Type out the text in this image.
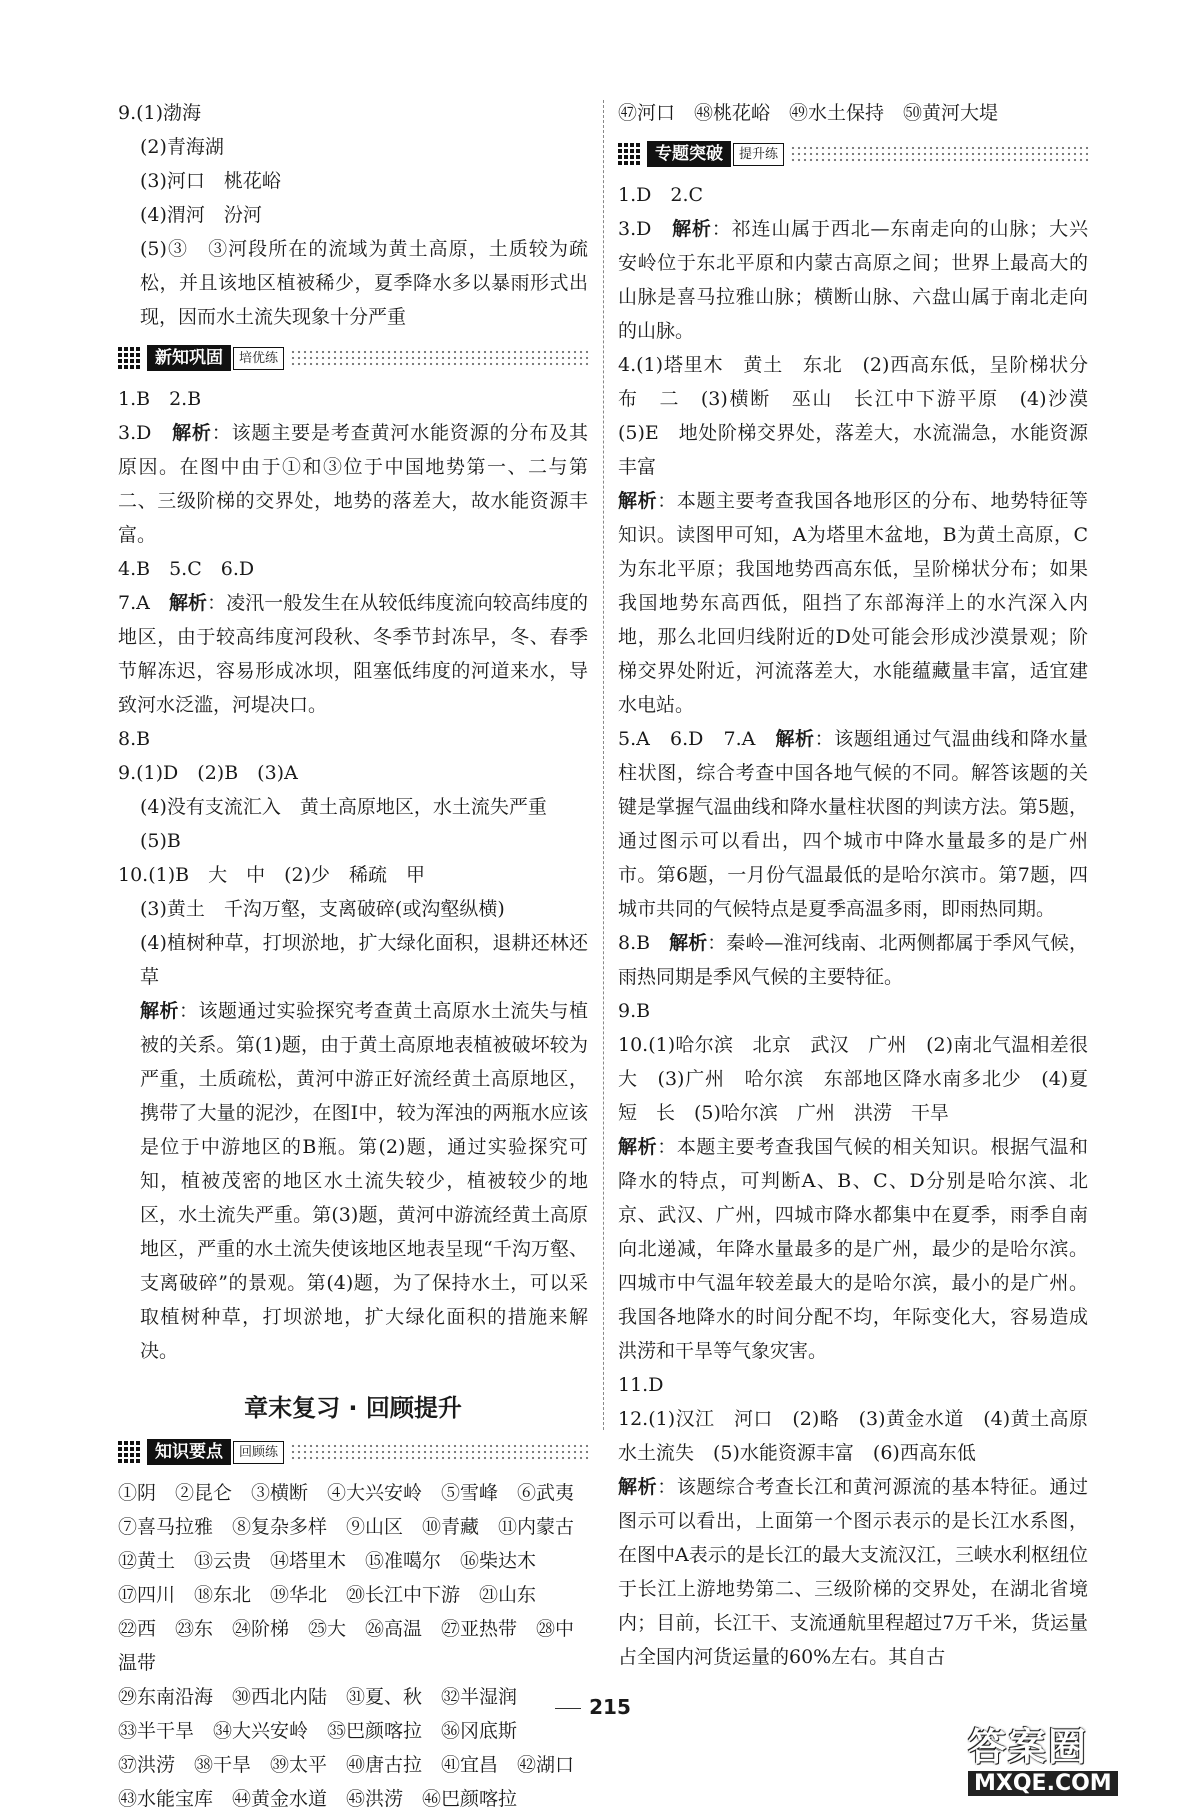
9.(1)渤海

(2)青海湖

(3)河口　桃花峪

(4)渭河　汾河

(5)③　③河段所在的流域为黄土高原，土质较为疏松，并且该地区植被稀少，夏季降水多以暴雨形式出现，因而水土流失现象十分严重

新知巩固	培优练

1.B　2.B

3.D　 解析：该题主要是考查黄河水能资源的分布及其原因。在图中由于①和③位于中国地势第一、二与第二、三级阶梯的交界处，地势的落差大，故水能资源丰富。

4.B　5.C　6.D

7.A　 解析：凌汛一般发生在从较低纬度流向较高纬度的地区，由于较高纬度河段秋、冬季节封冻早，冬、春季节解冻迟，容易形成冰坝，阻塞低纬度的河道来水，导致河水泛滥，河堤决口。

8.B

9.(1)D　(2)B　(3)A

(4)没有支流汇入　黄土高原地区，水土流失严重

(5)B

10.(1)B　大　中　(2)少　稀疏　甲

(3)黄土　千沟万壑，支离破碎(或沟壑纵横)

(4)植树种草，打坝淤地，扩大绿化面积，退耕还林还草

解析：该题通过实验探究考查黄土高原水土流失与植被的关系。第(1)题，由于黄土高原地表植被破坏较为严重，土质疏松，黄河中游正好流经黄土高原地区，携带了大量的泥沙，在图Ⅰ中，较为浑浊的两瓶水应该是位于中游地区的B瓶。第(2)题，通过实验探究可知，植被茂密的地区水土流失较少，植被较少的地区，水土流失严重。第(3)题，黄河中游流经黄土高原地区，严重的水土流失使该地区地表呈现“千沟万壑、支离破碎”的景观。第(4)题，为了保持水土，可以采取植树种草，打坝淤地，扩大绿化面积的措施来解决。

章末复习 · 回顾提升
知识要点	回顾练
①阴　②昆仑　③横断　④大兴安岭　⑤雪峰　⑥武夷
⑦喜马拉雅　⑧复杂多样　⑨山区　⑩青藏　⑪内蒙古
⑫黄土　⑬云贵　⑭塔里木　⑮准噶尔　⑯柴达木
⑰四川　⑱东北　⑲华北　⑳长江中下游　㉑山东
㉒西　㉓东　㉔阶梯　㉕大　㉖高温　㉗亚热带　㉘中温带
㉙东南沿海　㉚西北内陆　㉛夏、秋　㉜半湿润
㉝半干旱　㉞大兴安岭　㉟巴颜喀拉　㊱冈底斯
㊲洪涝　㊳干旱　㊴太平　㊵唐古拉　㊶宜昌　㊷湖口
㊸水能宝库　㊹黄金水道　㊺洪涝　㊻巴颜喀拉

㊼河口　㊽桃花峪　㊾水土保持　㊿黄河大堤

专题突破	提升练

1.D　2.C

3.D　 解析：祁连山属于西北—东南走向的山脉；大兴安岭位于东北平原和内蒙古高原之间；世界上最高大的山脉是喜马拉雅山脉；横断山脉、六盘山属于南北走向的山脉。

4.(1)塔里木　黄土　东北　(2)西高东低，呈阶梯状分布　二　(3)横断　巫山　长江中下游平原　(4)沙漠　(5)E　地处阶梯交界处，落差大，水流湍急，水能资源丰富

解析：本题主要考查我国各地形区的分布、地势特征等知识。读图甲可知，A为塔里木盆地，B为黄土高原，C为东北平原；我国地势西高东低，呈阶梯状分布；如果我国地势东高西低，阻挡了东部海洋上的水汽深入内地，那么北回归线附近的D处可能会形成沙漠景观；阶梯交界处附近，河流落差大，水能蕴藏量丰富，适宜建水电站。

5.A　6.D　7.A　 解析：该题组通过气温曲线和降水量柱状图，综合考查中国各地气候的不同。解答该题的关键是掌握气温曲线和降水量柱状图的判读方法。第5题，通过图示可以看出，四个城市中降水量最多的是广州市。第6题，一月份气温最低的是哈尔滨市。第7题，四城市共同的气候特点是夏季高温多雨，即雨热同期。

8.B　 解析：秦岭—淮河线南、北两侧都属于季风气候，雨热同期是季风气候的主要特征。

9.B

10.(1)哈尔滨　北京　武汉　广州　(2)南北气温相差很大　(3)广州　哈尔滨　东部地区降水南多北少　(4)夏　短　长　(5)哈尔滨　广州　洪涝　干旱

解析：本题主要考查我国气候的相关知识。根据气温和降水的特点，可判断A、B、C、D分别是哈尔滨、北京、武汉、广州，四城市降水都集中在夏季，雨季自南向北递减，年降水量最多的是广州，最少的是哈尔滨。四城市中气温年较差最大的是哈尔滨，最小的是广州。我国各地降水的时间分配不均，年际变化大，容易造成洪涝和干旱等气象灾害。

11.D

12.(1)汉江　河口　(2)略　(3)黄金水道　(4)黄土高原　水土流失　(5)水能资源丰富　(6)西高东低

解析：该题综合考查长江和黄河源流的基本特征。通过图示可以看出，上面第一个图示表示的是长江水系图，在图中A表示的是长江的最大支流汉江，三峡水利枢纽位于长江上游地势第二、三级阶梯的交界处，在湖北省境内；目前，长江干、支流通航里程超过7万千米，货运量占全国内河货运量的60%左右。其自古

215
答案圈
MXQE.COM
